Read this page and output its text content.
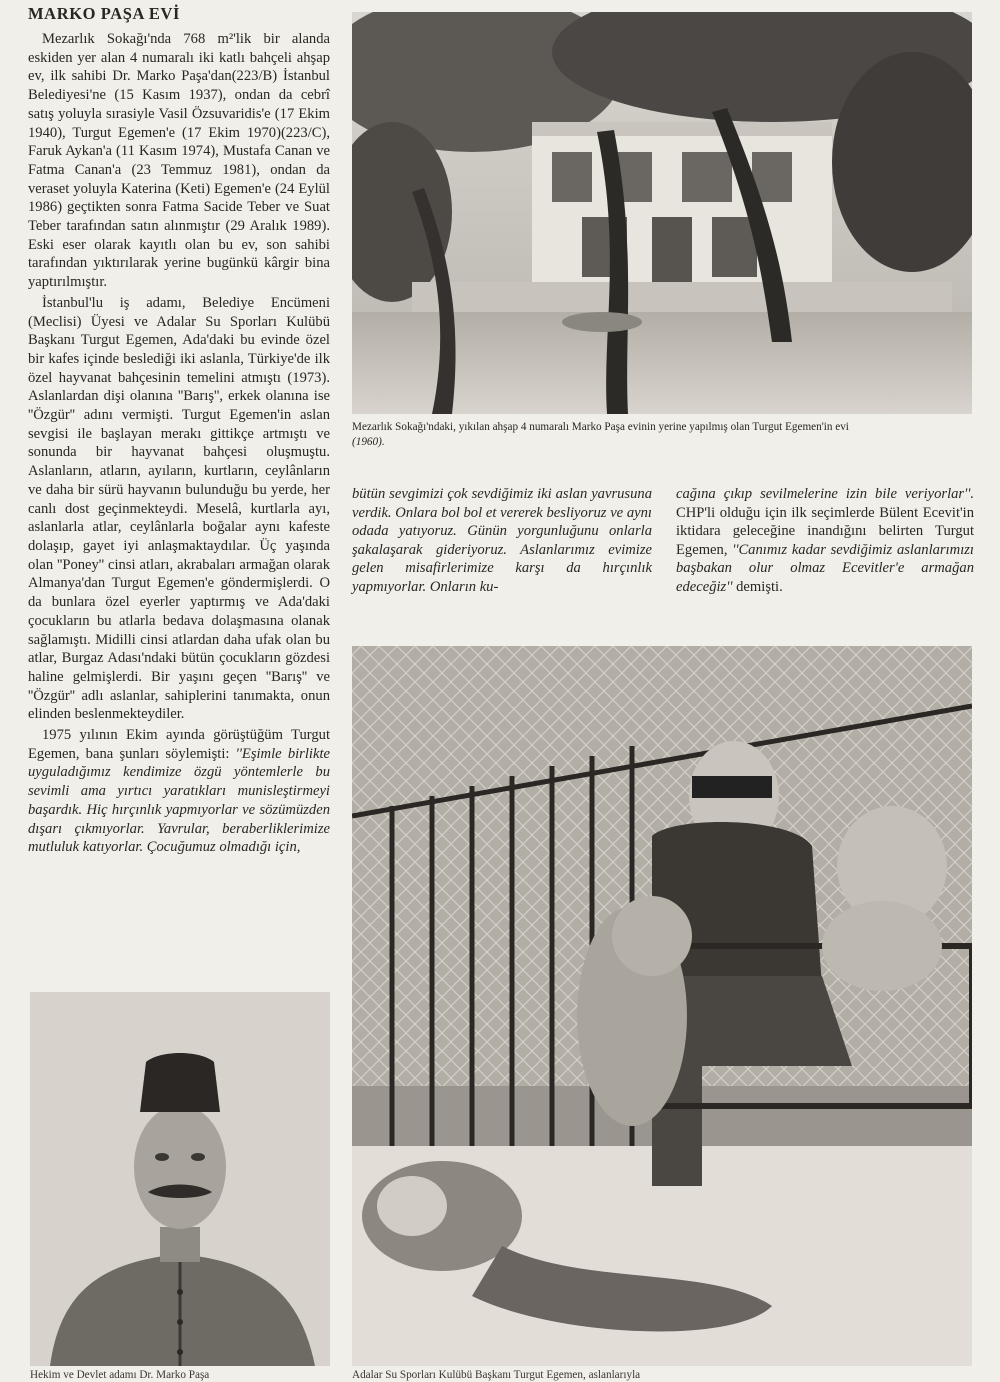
MARKO PAŞA EVİ

Mezarlık Sokağı'nda 768 m²'lik bir alanda eskiden yer alan 4 numaralı iki katlı bahçeli ahşap ev, ilk sahibi Dr. Marko Paşa'dan(223/B) İstanbul Belediyesi'ne (15 Kasım 1937), ondan da cebrî satış yoluyla sırasiyle Vasil Özsuvaridis'e (17 Ekim 1940), Turgut Egemen'e (17 Ekim 1970)(223/C), Faruk Aykan'a (11 Kasım 1974), Mustafa Canan ve Fatma Canan'a (23 Temmuz 1981), ondan da veraset yoluyla Katerina (Keti) Egemen'e (24 Eylül 1986) geçtikten sonra Fatma Sacide Teber ve Suat Teber tarafından satın alınmıştır (29 Aralık 1989). Eski eser olarak kayıtlı olan bu ev, son sahibi tarafından yıktırılarak yerine bugünkü kârgir bina yaptırılmıştır.

İstanbul'lu iş adamı, Belediye Encümeni (Meclisi) Üyesi ve Adalar Su Sporları Kulübü Başkanı Turgut Egemen, Ada'daki bu evinde özel bir kafes içinde beslediği iki aslanla, Türkiye'de ilk özel hayvanat bahçesinin temelini atmıştı (1973). Aslanlardan dişi olanına ''Barış'', erkek olanına ise ''Özgür'' adını vermişti. Turgut Egemen'in aslan sevgisi ile başlayan merakı gittikçe artmıştı ve sonunda bir hayvanat bahçesi oluşmuştu. Aslanların, atların, ayıların, kurtların, ceylânların ve daha bir sürü hayvanın bulunduğu bu yerde, her canlı dost geçinmekteydi. Meselâ, kurtlarla ayı, aslanlarla atlar, ceylânlarla boğalar aynı kafeste dolaşıp, gayet iyi anlaşmaktaydılar. Üç yaşında olan ''Poney'' cinsi atları, akrabaları armağan olarak Almanya'dan Turgut Egemen'e göndermişlerdi. O da bunlara özel eyerler yaptırmış ve Ada'daki çocukların bu atlarla bedava dolaşmasına olanak sağlamıştı. Midilli cinsi atlardan daha ufak olan bu atlar, Burgaz Adası'ndaki bütün çocukların gözdesi haline gelmişlerdi. Bir yaşını geçen ''Barış'' ve ''Özgür'' adlı aslanlar, sahiplerini tanımakta, onun elinden beslenmekteydiler.

1975 yılının Ekim ayında görüştüğüm Turgut Egemen, bana şunları söylemişti: ''Eşimle birlikte uyguladığımız kendimize özgü yöntemlerle bu sevimli ama yırtıcı yaratıkları munisleştirmeyi başardık. Hiç hırçınlık yapmıyorlar ve sözümüzden dışarı çıkmıyorlar. Yavrular, beraberliklerimize mutluluk katıyorlar. Çocuğumuz olmadığı için,

Mezarlık Sokağı'ndaki, yıkılan ahşap 4 numaralı Marko Paşa evinin yerine yapılmış olan Turgut Egemen'in evi
(1960).
bütün sevgimizi çok sevdiğimiz iki aslan yavrusuna verdik. Onlara bol bol et vererek besliyoruz ve aynı odada yatıyoruz. Günün yorgunluğunu onlarla şakalaşarak gideriyoruz. Aslanlarımız evimize gelen misafirlerimize karşı da hırçınlık yapmıyorlar. Onların ku-
cağına çıkıp sevilmelerine izin bile veriyorlar''. CHP'li olduğu için ilk seçimlerde Bülent Ecevit'in iktidara geleceğine inandığını belirten Turgut Egemen, ''Canımız kadar sevdiğimiz aslanlarımızı başbakan olur olmaz Ecevitler'e armağan edeceğiz'' demişti.
Hekim ve Devlet adamı Dr. Marko Paşa	Adalar Su Sporları Kulübü Başkanı Turgut Egemen, aslanlarıyla
